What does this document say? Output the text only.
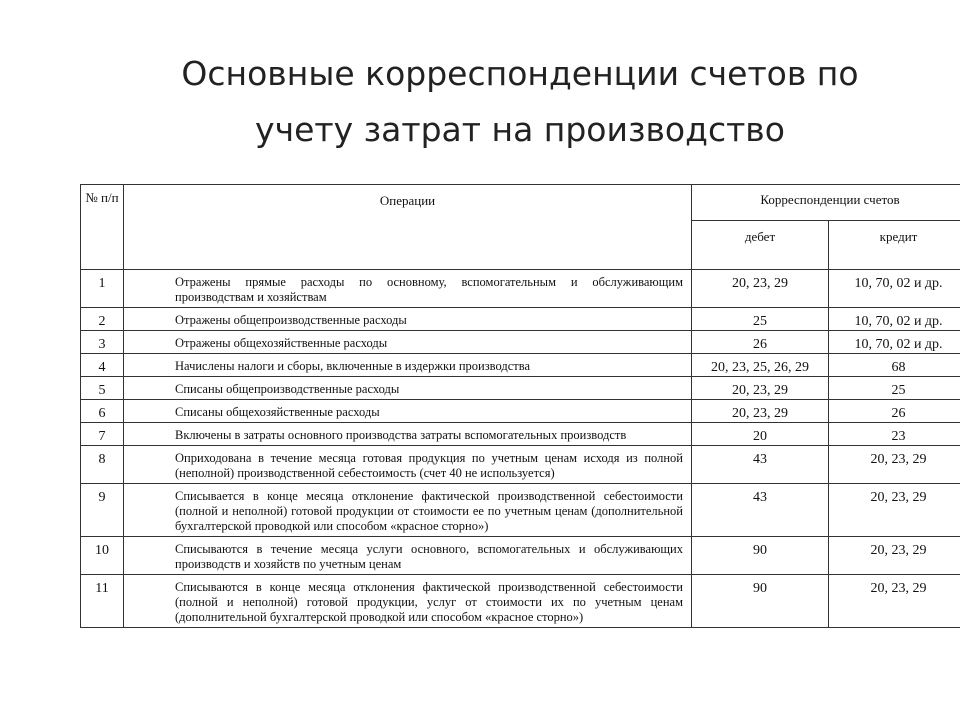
Основные корреспонденции счетов по
учету затрат на производство
№ п/п	Операции	Корреспонденции счетов	
		дебет	кредит
1	Отражены прямые расходы по основному, вспомогательным и обслуживающим производствам и хозяйствам	20, 23, 29	10, 70, 02 и др.
2	Отражены общепроизводственные расходы	25	10, 70, 02 и др.
3	Отражены общехозяйственные расходы	26	10, 70, 02 и др.
4	Начислены налоги и сборы, включенные в издержки производства	20, 23, 25, 26, 29	68
5	Списаны общепроизводственные расходы	20, 23, 29	25
6	Списаны общехозяйственные расходы	20, 23, 29	26
7	Включены в затраты основного производства затраты вспомогательных производств	20	23
8	Оприходована в течение месяца готовая продукция по учетным ценам исходя из полной (неполной) производственной себестоимость (счет 40 не используется)	43	20, 23, 29
9	Списывается в конце месяца отклонение фактической производственной себестоимости (полной и неполной) готовой продукции от стоимости ее по учетным ценам (дополнительной бухгалтерской проводкой или способом «красное сторно»)	43	20, 23, 29
10	Списываются в течение месяца услуги основного, вспомогательных и обслуживающих производств и хозяйств по учетным ценам	90	20, 23, 29
11	Списываются в конце месяца отклонения фактической производственной себестоимости (полной и неполной) готовой продукции, услуг от стоимости их по учетным ценам (дополнительной бухгалтерской проводкой или способом «красное сторно»)	90	20, 23, 29
